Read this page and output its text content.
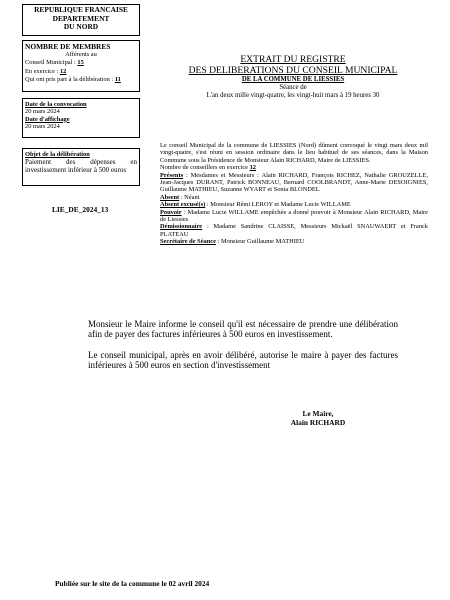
REPUBLIQUE FRANCAISE
DEPARTEMENT
DU NORD
NOMBRE DE MEMBRES
Afférents au
Conseil Municipal : 15
En exercice : 12
Qui ont pris part à la délibération : 11
Date de la convocation
20 mars 2024
Date d'affichage
20 mars 2024
Objet de la délibération
Paiement des dépenses en investissement inférieur à 500 euros
LIE_DE_2024_13
EXTRAIT DU REGISTRE
DES DELIBERATIONS DU CONSEIL MUNICIPAL
DE LA COMMUNE DE LIESSIES
Séance de
L'an deux mille vingt-quatre, les vingt-huit mars à 19 heures 30
Le conseil Municipal de la commune de LIESSIES (Nord) dûment convoqué le vingt mars deux mil vingt-quatre, s'est réuni en session ordinaire dans le lieu habituel de ses séances, dans la Maison Commune sous la Présidence de Monsieur Alain RICHARD, Maire de LIESSIES.
Nombre de conseillers en exercice 12
Présents : Mesdames et Messieurs : Alain RICHARD, François RICHEZ, Nathalie GROUZELLE, Jean-Jacques DURANT, Patrick BONNEAU, Bernard COOLBRANDT, Anne-Marie DESOIGNIES, Guillaume MATHIEU, Suzanne WYART et Sonia BLONDEL
Absent : Néant
Absent excusé(s) : Monsieur Rémi LEROY et Madame Lucie WILLAME
Pouvoir : Madame Lucie WILLAME empêchée a donné pouvoir à Monsieur Alain RICHARD, Maire de Liessies
Démissionnaire : Madame Sandrine CLAISSE, Messieurs Mickaël SNAUWAERT et Franck PLATEAU
Secrétaire de Séance : Monsieur Guillaume MATHIEU
Monsieur le Maire informe le conseil qu'il est nécessaire de prendre une délibération afin de payer des factures inférieures à 500 euros en investissement.
Le conseil municipal, après en avoir délibéré, autorise le maire à payer des factures inférieures à 500 euros en section d'investissement
Le Maire,
Alain RICHARD
Publiée sur le site de la commune le 02 avril 2024
